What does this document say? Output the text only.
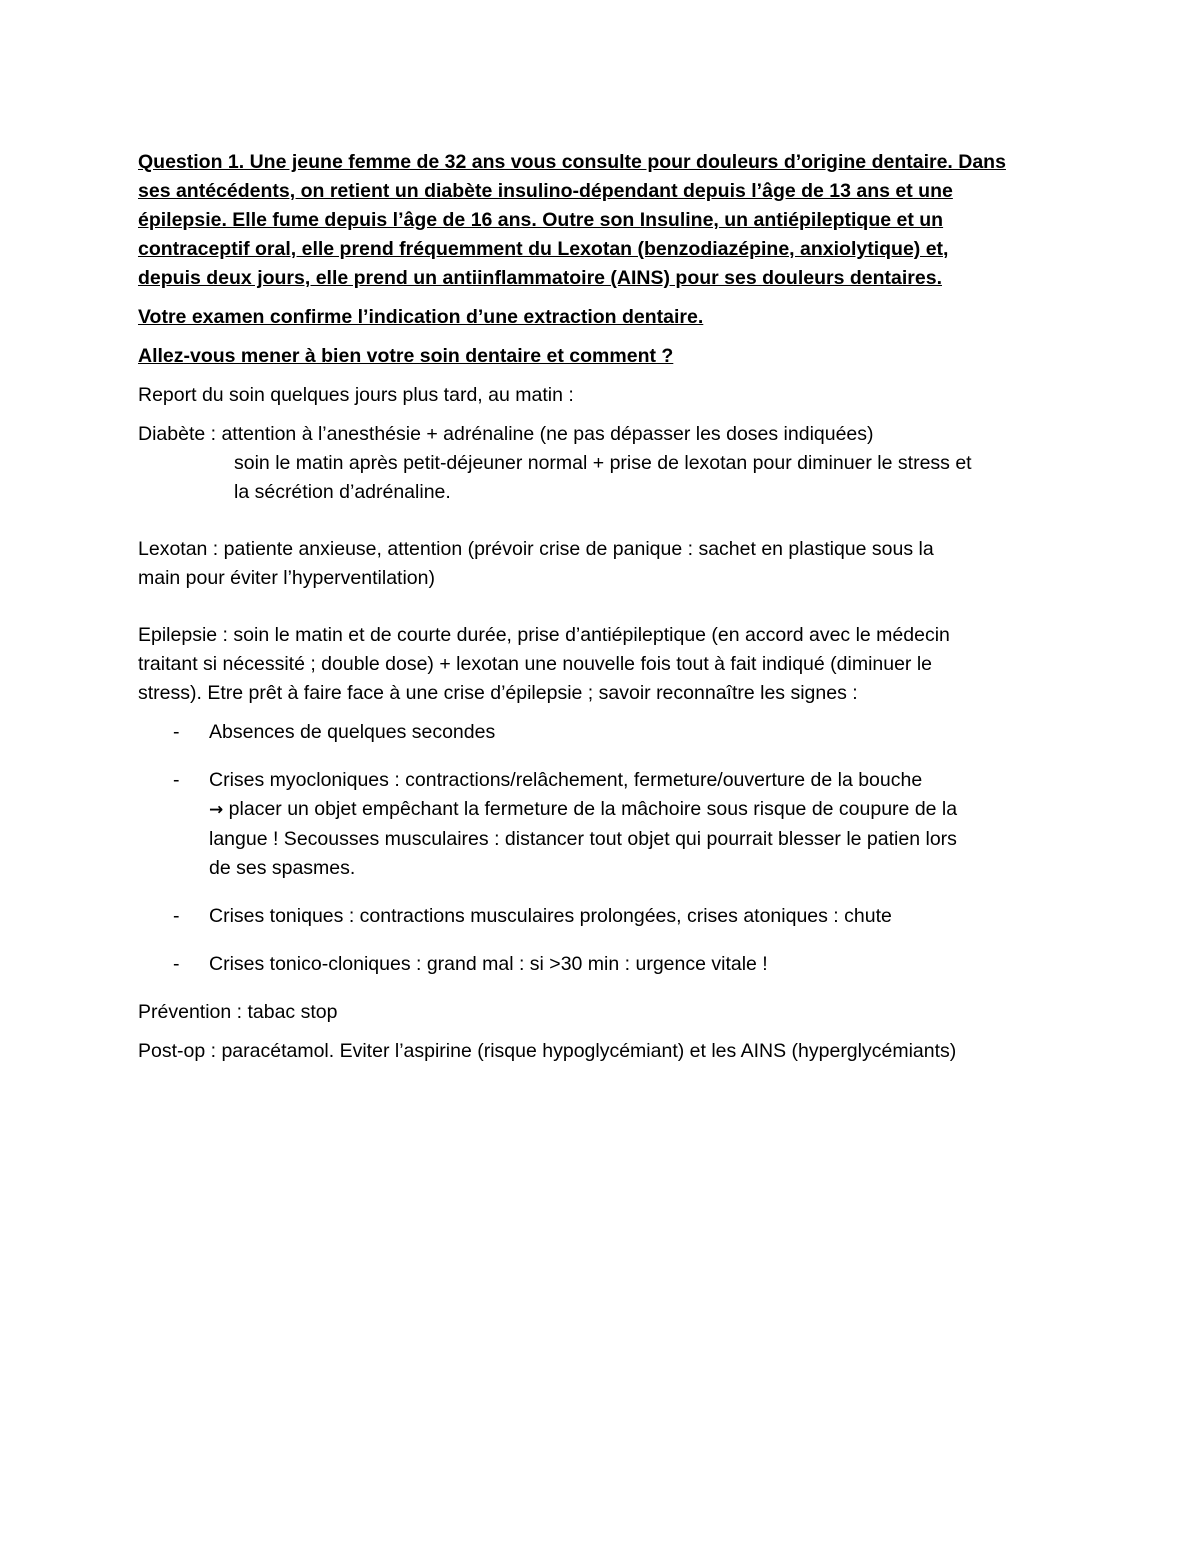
Question 1. Une jeune femme de 32 ans vous consulte pour douleurs d’origine dentaire. Dans
ses antécédents, on retient un diabète insulino-dépendant depuis l’âge de 13 ans et une
épilepsie. Elle fume depuis l’âge de 16 ans. Outre son Insuline, un antiépileptique et un
contraceptif oral, elle prend fréquemment du Lexotan (benzodiazépine, anxiolytique) et,
depuis deux jours, elle prend un antiinflammatoire (AINS) pour ses douleurs dentaires.
Votre examen confirme l’indication d’une extraction dentaire.
Allez-vous mener à bien votre soin dentaire et comment ?
Report du soin quelques jours plus tard, au matin :
Diabète : attention à l’anesthésie + adrénaline (ne pas dépasser les doses indiquées)
soin le matin après petit-déjeuner normal + prise de lexotan pour diminuer le stress et
la sécrétion d’adrénaline.
Lexotan : patiente anxieuse, attention (prévoir crise de panique : sachet en plastique sous la
main pour éviter l’hyperventilation)
Epilepsie : soin le matin et de courte durée, prise d’antiépileptique (en accord avec le médecin
traitant si nécessité ; double dose) + lexotan une nouvelle fois tout à fait indiqué (diminuer le
stress). Etre prêt à faire face à une crise d’épilepsie ; savoir reconnaître les signes :
- Absences de quelques secondes
- Crises myocloniques : contractions/relâchement, fermeture/ouverture de la bouche
→ placer un objet empêchant la fermeture de la mâchoire sous risque de coupure de la
langue ! Secousses musculaires : distancer tout objet qui pourrait blesser le patien lors
de ses spasmes.
- Crises toniques : contractions musculaires prolongées, crises atoniques : chute
- Crises tonico-cloniques : grand mal : si >30 min : urgence vitale !
Prévention : tabac stop
Post-op : paracétamol. Eviter l’aspirine (risque hypoglycémiant) et les AINS (hyperglycémiants)
